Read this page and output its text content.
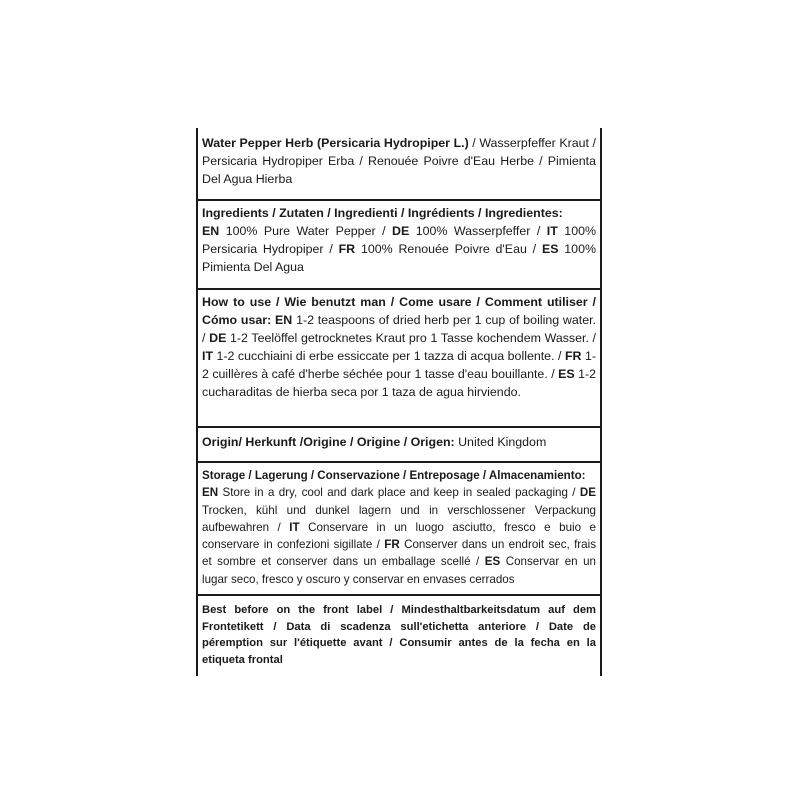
Water Pepper Herb (Persicaria Hydropiper L.) / Wasserpfeffer Kraut / Persicaria Hydropiper Erba / Renouée Poivre d'Eau Herbe / Pimienta Del Agua Hierba
Ingredients / Zutaten / Ingredienti / Ingrédients / Ingredientes:
EN 100% Pure Water Pepper / DE 100% Wasserpfeffer / IT 100% Persicaria Hydropiper / FR 100% Renouée Poivre d'Eau / ES 100% Pimienta Del Agua
How to use / Wie benutzt man / Come usare / Comment utiliser / Cómo usar: EN 1-2 teaspoons of dried herb per 1 cup of boiling water. / DE 1-2 Teelöffel getrocknetes Kraut pro 1 Tasse kochendem Wasser. / IT 1-2 cucchiaini di erbe essiccate per 1 tazza di acqua bollente. / FR 1-2 cuillères à café d'herbe séchée pour 1 tasse d'eau bouillante. / ES 1-2 cucharaditas de hierba seca por 1 taza de agua hirviendo.
Origin/ Herkunft /Origine / Origine / Origen: United Kingdom
Storage / Lagerung / Conservazione / Entreposage / Almacenamiento:
EN Store in a dry, cool and dark place and keep in sealed packaging / DE Trocken, kühl und dunkel lagern und in verschlossener Verpackung aufbewahren / IT Conservare in un luogo asciutto, fresco e buio e conservare in confezioni sigillate / FR Conserver dans un endroit sec, frais et sombre et conserver dans un emballage scellé / ES Conservar en un lugar seco, fresco y oscuro y conservar en envases cerrados
Best before on the front label / Mindesthaltbarkeitsdatum auf dem Frontetikett / Data di scadenza sull'etichetta anteriore / Date de péremption sur l'étiquette avant / Consumir antes de la fecha en la etiqueta frontal
